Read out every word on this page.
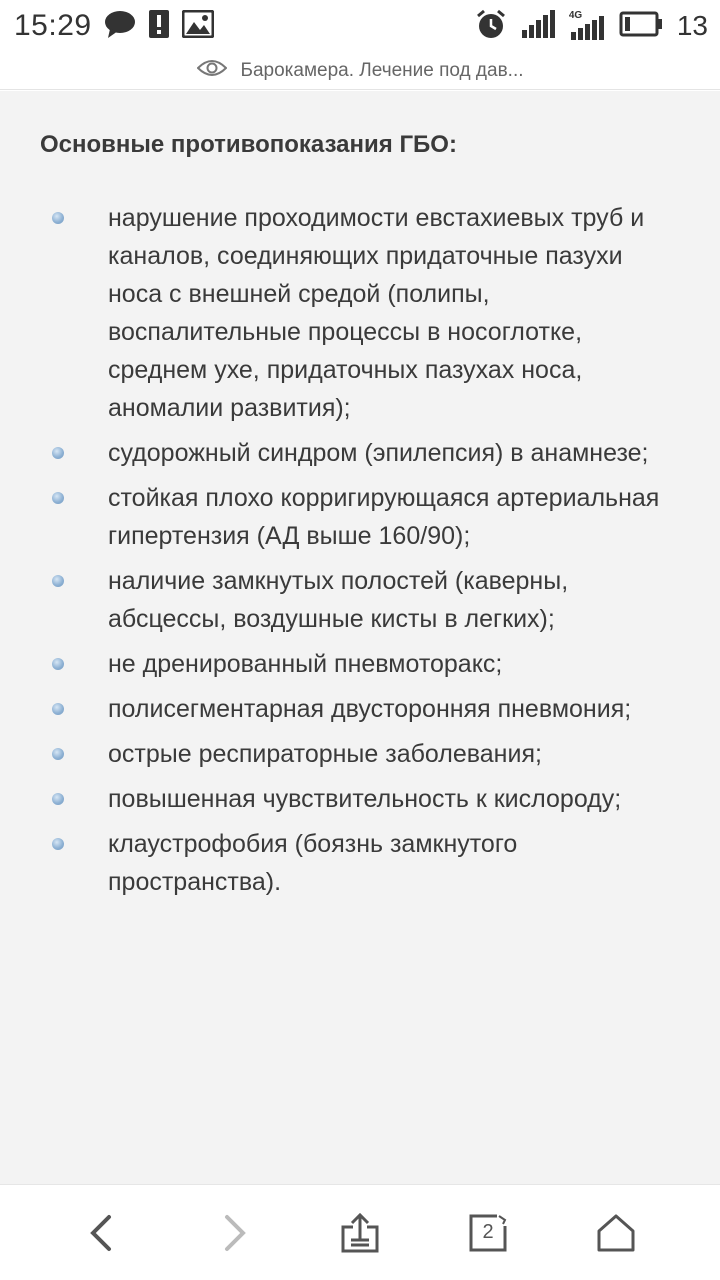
15:29	4G	13
Барокамера. Лечение под дав...
Основные противопоказания ГБО:
нарушение проходимости евстахиевых труб и каналов, соединяющих придаточные пазухи носа с внешней средой (полипы, воспалительные процессы в носоглотке, среднем ухе, придаточных пазухах носа, аномалии развития);
судорожный синдром (эпилепсия) в анамнезе;
стойкая плохо корригирующаяся артериальная гипертензия (АД выше 160/90);
наличие замкнутых полостей (каверны, абсцессы, воздушные кисты в легких);
не дренированный пневмоторакс;
полисегментарная двусторонняя пневмония;
острые респираторные заболевания;
повышенная чувствительность к кислороду;
клаустрофобия (боязнь замкнутого пространства).
2
